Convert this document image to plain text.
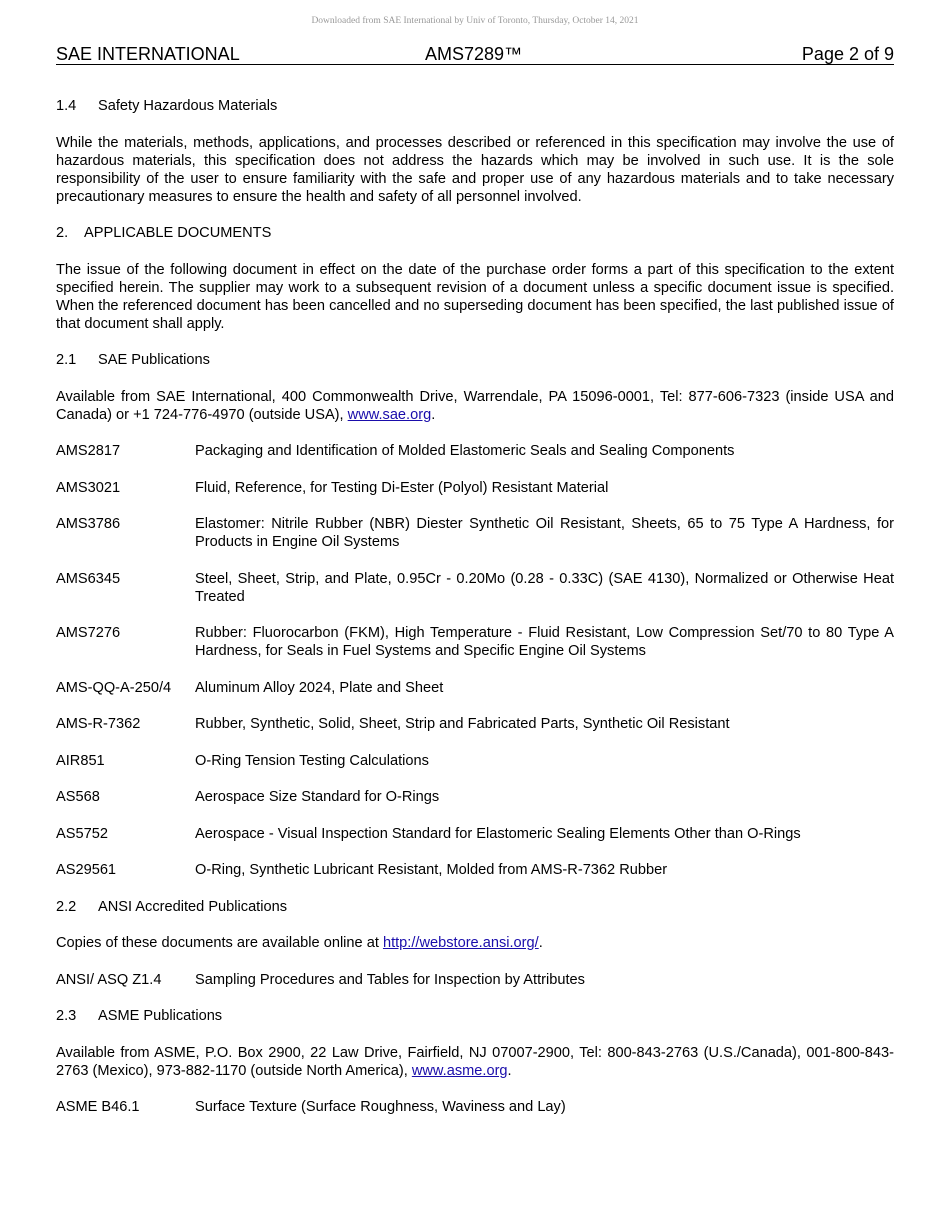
Downloaded from SAE International by Univ of Toronto, Thursday, October 14, 2021
SAE INTERNATIONAL	AMS7289™	Page 2 of 9
1.4 Safety Hazardous Materials

While the materials, methods, applications, and processes described or referenced in this specification may involve the use of hazardous materials, this specification does not address the hazards which may be involved in such use. It is the sole responsibility of the user to ensure familiarity with the safe and proper use of any hazardous materials and to take necessary precautionary measures to ensure the health and safety of all personnel involved.

2. APPLICABLE DOCUMENTS

The issue of the following document in effect on the date of the purchase order forms a part of this specification to the extent specified herein. The supplier may work to a subsequent revision of a document unless a specific document issue is specified. When the referenced document has been cancelled and no superseding document has been specified, the last published issue of that document shall apply.

2.1 SAE Publications

Available from SAE International, 400 Commonwealth Drive, Warrendale, PA 15096-0001, Tel: 877-606-7323 (inside USA and Canada) or +1 724-776-4970 (outside USA), www.sae.org.

AMS2817	Packaging and Identification of Molded Elastomeric Seals and Sealing Components
AMS3021	Fluid, Reference, for Testing Di-Ester (Polyol) Resistant Material
AMS3786	Elastomer: Nitrile Rubber (NBR) Diester Synthetic Oil Resistant, Sheets, 65 to 75 Type A Hardness, for Products in Engine Oil Systems
AMS6345	Steel, Sheet, Strip, and Plate, 0.95Cr - 0.20Mo (0.28 - 0.33C) (SAE 4130), Normalized or Otherwise Heat Treated
AMS7276	Rubber: Fluorocarbon (FKM), High Temperature - Fluid Resistant, Low Compression Set/70 to 80 Type A Hardness, for Seals in Fuel Systems and Specific Engine Oil Systems
AMS-QQ-A-250/4	Aluminum Alloy 2024, Plate and Sheet
AMS-R-7362	Rubber, Synthetic, Solid, Sheet, Strip and Fabricated Parts, Synthetic Oil Resistant
AIR851	O-Ring Tension Testing Calculations
AS568	Aerospace Size Standard for O-Rings
AS5752	Aerospace - Visual Inspection Standard for Elastomeric Sealing Elements Other than O-Rings
AS29561	O-Ring, Synthetic Lubricant Resistant, Molded from AMS-R-7362 Rubber
2.2 ANSI Accredited Publications

Copies of these documents are available online at http://webstore.ansi.org/.

ANSI/ ASQ Z1.4	Sampling Procedures and Tables for Inspection by Attributes
2.3 ASME Publications

Available from ASME, P.O. Box 2900, 22 Law Drive, Fairfield, NJ 07007-2900, Tel: 800-843-2763 (U.S./Canada), 001-800-843-2763 (Mexico), 973-882-1170 (outside North America), www.asme.org.

ASME B46.1	Surface Texture (Surface Roughness, Waviness and Lay)
